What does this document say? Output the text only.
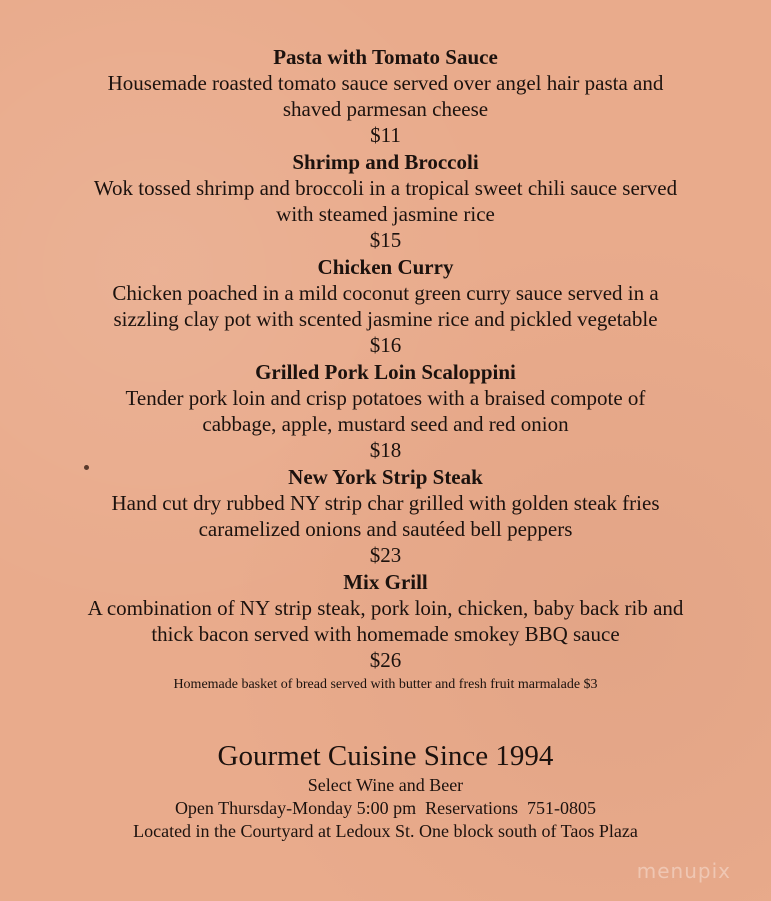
Pasta with Tomato Sauce

Housemade roasted tomato sauce served over angel hair pasta and shaved parmesan cheese

$11

Shrimp and Broccoli

Wok tossed shrimp and broccoli in a tropical sweet chili sauce served with steamed jasmine rice

$15

Chicken Curry

Chicken poached in a mild coconut green curry sauce served in a sizzling clay pot with scented jasmine rice and pickled vegetable

$16

Grilled Pork Loin Scaloppini

Tender pork loin and crisp potatoes with a braised compote of cabbage, apple, mustard seed and red onion

$18

New York Strip Steak

Hand cut dry rubbed NY strip char grilled with golden steak fries caramelized onions and sautéed bell peppers

$23

Mix Grill

A combination of NY strip steak, pork loin, chicken, baby back rib and thick bacon served with homemade smokey BBQ sauce

$26

Homemade basket of bread served with butter and fresh fruit marmalade $3

Gourmet Cuisine Since 1994

Select Wine and Beer

Open Thursday-Monday 5:00 pm  Reservations  751-0805

Located in the Courtyard at Ledoux St. One block south of Taos Plaza

menupix
